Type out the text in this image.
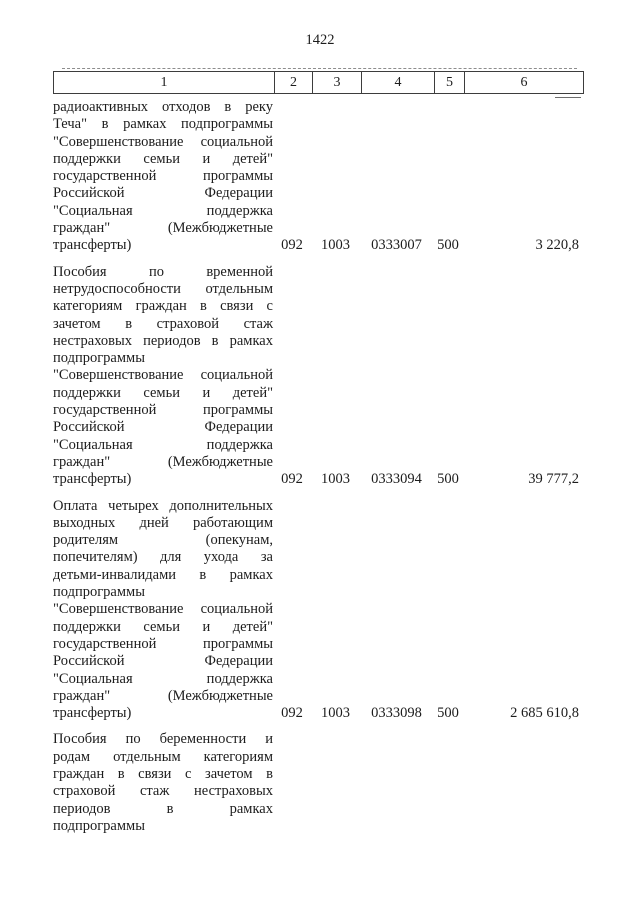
1422
1	2	3	4	5	6
радиоактивных отходов в реку
Теча" в рамках подпрограммы
"Совершенствование социальной
поддержки семьи и детей"
государственной программы
Российской Федерации
"Социальная поддержка
граждан" (Межбюджетные
трансферты)	092	1003	0333007	500	3 220,8
Пособия по временной
нетрудоспособности отдельным
категориям граждан в связи с
зачетом в страховой стаж
нестраховых периодов в рамках
подпрограммы
"Совершенствование социальной
поддержки семьи и детей"
государственной программы
Российской Федерации
"Социальная поддержка
граждан" (Межбюджетные
трансферты)	092	1003	0333094	500	39 777,2
Оплата четырех дополнительных
выходных дней работающим
родителям (опекунам,
попечителям) для ухода за
детьми-инвалидами в рамках
подпрограммы
"Совершенствование социальной
поддержки семьи и детей"
государственной программы
Российской Федерации
"Социальная поддержка
граждан" (Межбюджетные
трансферты)	092	1003	0333098	500	2 685 610,8
Пособия по беременности и
родам отдельным категориям
граждан в связи с зачетом в
страховой стаж нестраховых
периодов в рамках
подпрограммы
